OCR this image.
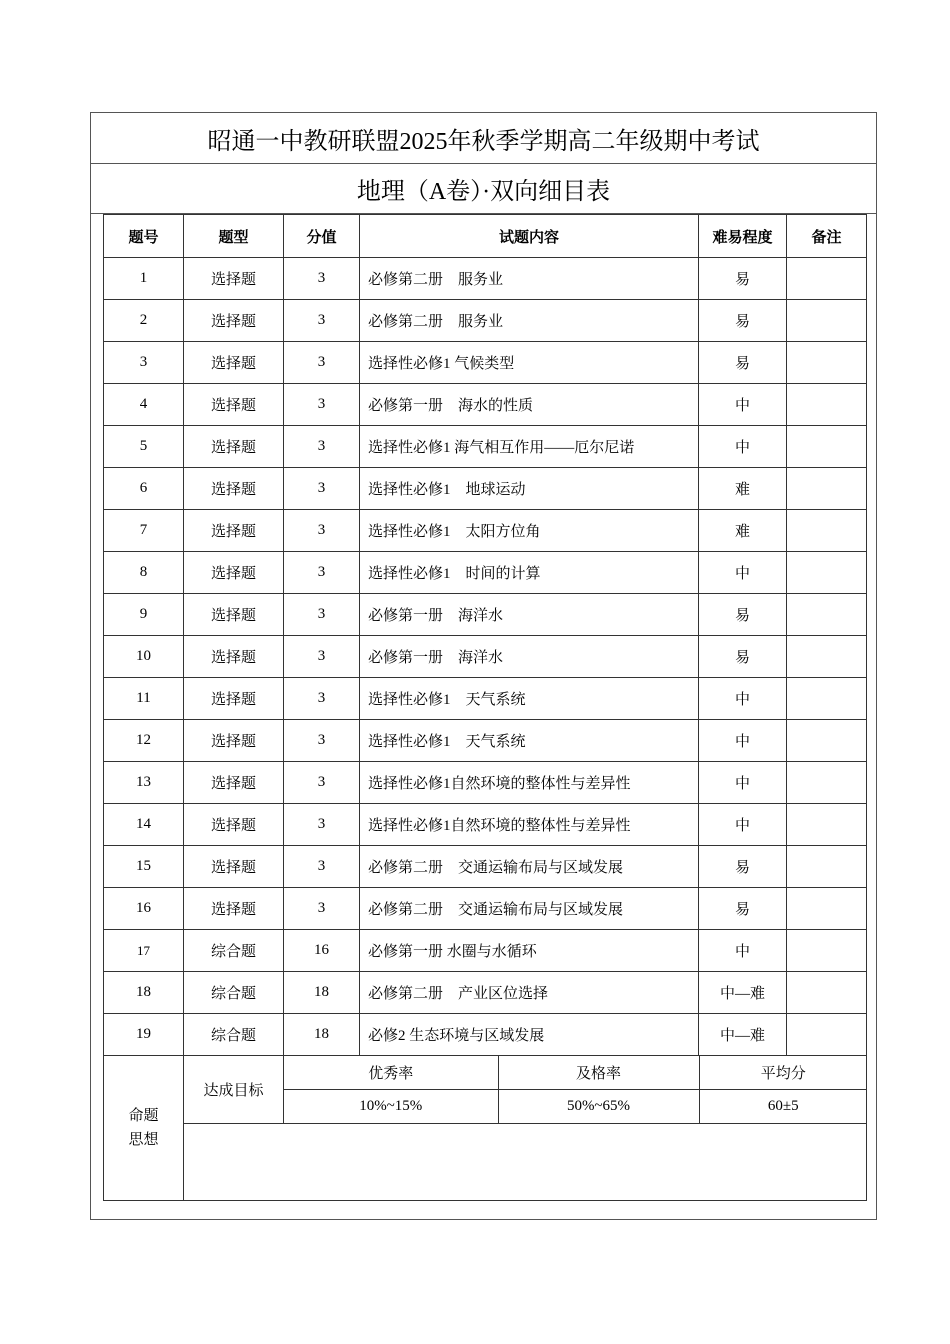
昭通一中教研联盟2025年秋季学期高二年级期中考试
地理（A卷）·双向细目表
题号	题型	分值	试题内容	难易程度	备注
1	选择题	3	必修第二册　服务业	易	
2	选择题	3	必修第二册　服务业	易	
3	选择题	3	选择性必修1 气候类型	易	
4	选择题	3	必修第一册　海水的性质	中	
5	选择题	3	选择性必修1 海气相互作用——厄尔尼诺	中	
6	选择题	3	选择性必修1　地球运动	难	
7	选择题	3	选择性必修1　太阳方位角	难	
8	选择题	3	选择性必修1　时间的计算	中	
9	选择题	3	必修第一册　海洋水	易	
10	选择题	3	必修第一册　海洋水	易	
11	选择题	3	选择性必修1　天气系统	中	
12	选择题	3	选择性必修1　天气系统	中	
13	选择题	3	选择性必修1自然环境的整体性与差异性	中	
14	选择题	3	选择性必修1自然环境的整体性与差异性	中	
15	选择题	3	必修第二册　交通运输布局与区域发展	易	
16	选择题	3	必修第二册　交通运输布局与区域发展	易	
17	综合题	16	必修第一册 水圈与水循环	中	
18	综合题	18	必修第二册　产业区位选择	中—难	
19	综合题	18	必修2 生态环境与区域发展	中—难	
命题
思想	达成目标	
优秀率	及格率	平均分
10%~15%	50%~65%	60±5
